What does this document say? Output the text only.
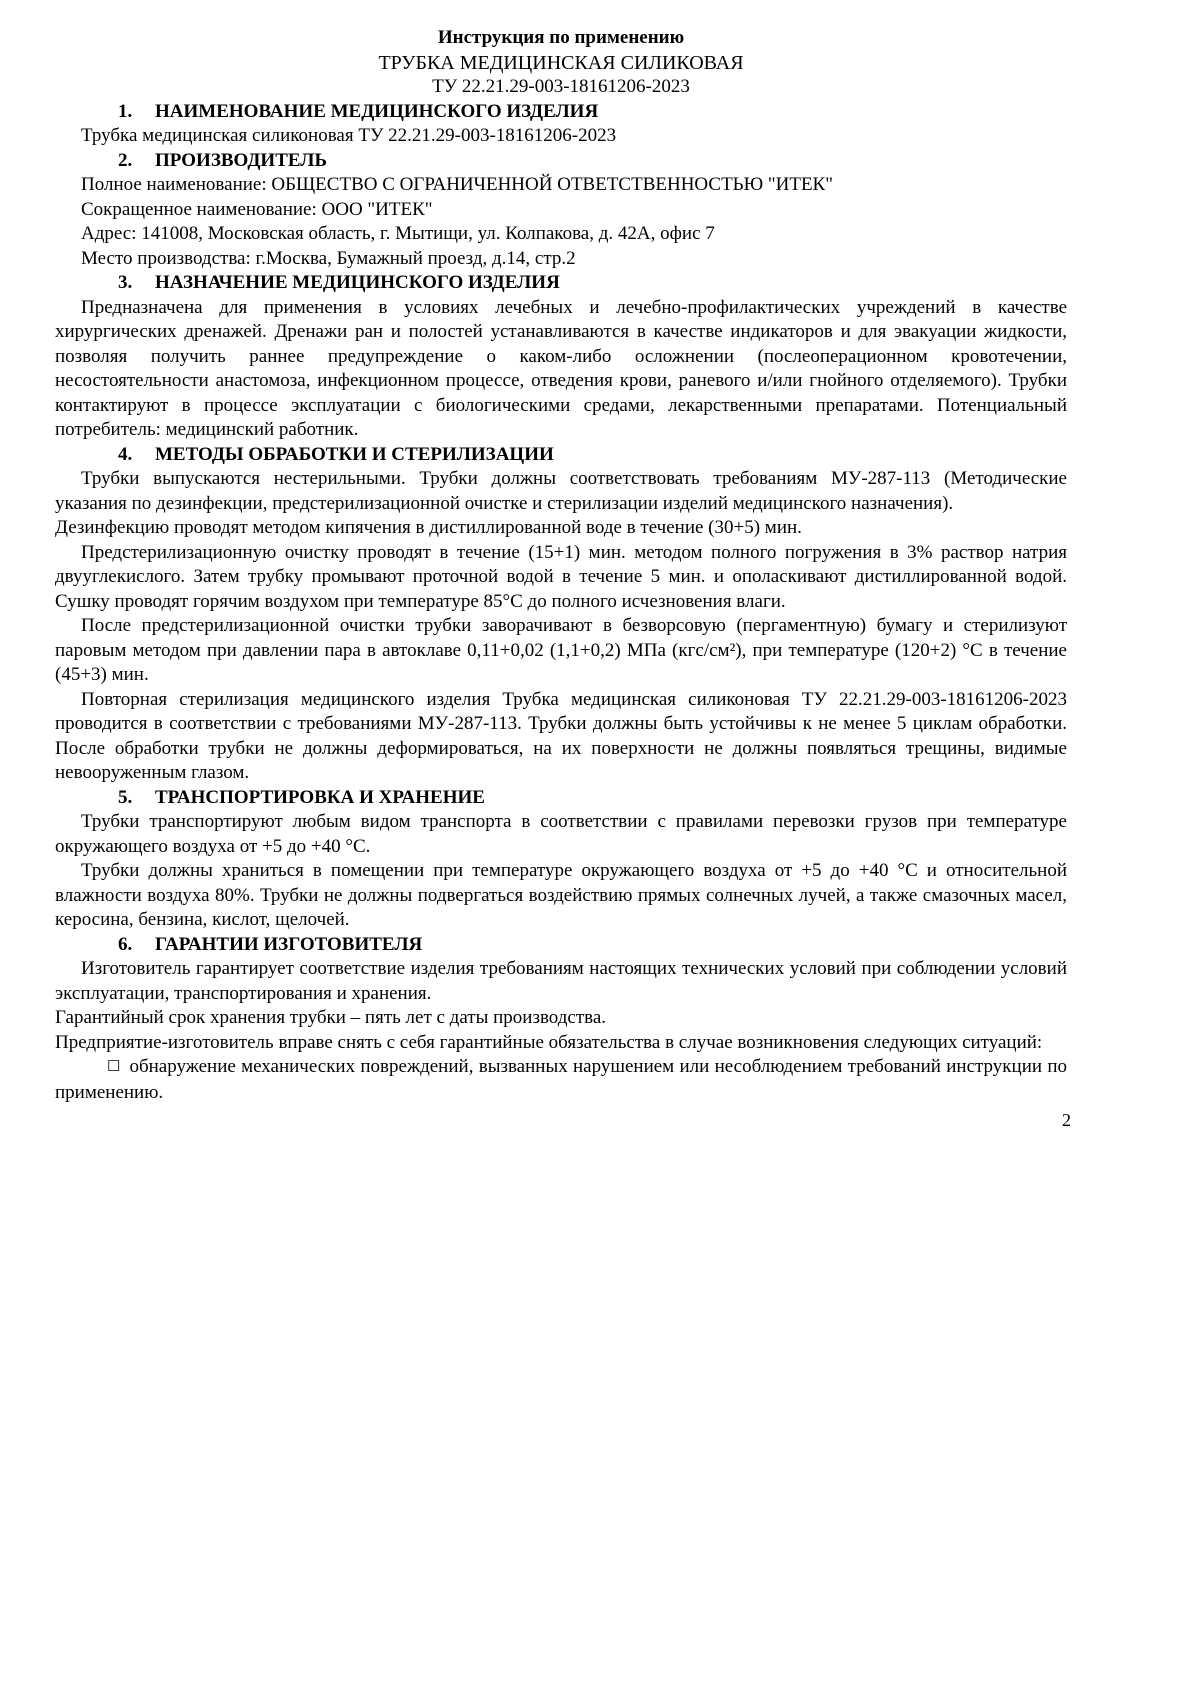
Инструкция по применению
ТРУБКА МЕДИЦИНСКАЯ СИЛИКОВАЯ
ТУ 22.21.29-003-18161206-2023
1. НАИМЕНОВАНИЕ МЕДИЦИНСКОГО ИЗДЕЛИЯ

Трубка медицинская силиконовая ТУ 22.21.29-003-18161206-2023

2. ПРОИЗВОДИТЕЛЬ

Полное наименование: ОБЩЕСТВО С ОГРАНИЧЕННОЙ ОТВЕТСТВЕННОСТЬЮ "ИТЕК"

Сокращенное наименование: ООО "ИТЕК"

Адрес: 141008, Московская область, г. Мытищи, ул. Колпакова, д. 42А, офис 7

Место производства: г.Москва, Бумажный проезд, д.14, стр.2

3. НАЗНАЧЕНИЕ МЕДИЦИНСКОГО ИЗДЕЛИЯ

Предназначена для применения в условиях лечебных и лечебно-профилактических учреждений в качестве хирургических дренажей. Дренажи ран и полостей устанавливаются в качестве индикаторов и для эвакуации жидкости, позволяя получить раннее предупреждение о каком-либо осложнении (послеоперационном кровотечении, несостоятельности анастомоза, инфекционном процессе, отведения крови, раневого и/или гнойного отделяемого). Трубки контактируют в процессе эксплуатации с биологическими средами, лекарственными препаратами. Потенциальный потребитель: медицинский работник.

4. МЕТОДЫ ОБРАБОТКИ И СТЕРИЛИЗАЦИИ

Трубки выпускаются нестерильными. Трубки должны соответствовать требованиям МУ-287-113 (Методические указания по дезинфекции, предстерилизационной очистке и стерилизации изделий медицинского назначения).

Дезинфекцию проводят методом кипячения в дистиллированной воде в течение (30+5) мин.

Предстерилизационную очистку проводят в течение (15+1) мин. методом полного погружения в 3% раствор натрия двууглекислого. Затем трубку промывают проточной водой в течение 5 мин. и ополаскивают дистиллированной водой. Сушку проводят горячим воздухом при температуре 85°С до полного исчезновения влаги.

После предстерилизационной очистки трубки заворачивают в безворсовую (пергаментную) бумагу и стерилизуют паровым методом при давлении пара в автоклаве 0,11+0,02 (1,1+0,2) МПа (кгс/см²), при температуре (120+2) °С в течение (45+3) мин.

Повторная стерилизация медицинского изделия Трубка медицинская силиконовая ТУ 22.21.29-003-18161206-2023 проводится в соответствии с требованиями МУ-287-113. Трубки должны быть устойчивы к не менее 5 циклам обработки. После обработки трубки не должны деформироваться, на их поверхности не должны появляться трещины, видимые невооруженным глазом.

5. ТРАНСПОРТИРОВКА И ХРАНЕНИЕ

Трубки транспортируют любым видом транспорта в соответствии с правилами перевозки грузов при температуре окружающего воздуха от +5 до +40 °С.

Трубки должны храниться в помещении при температуре окружающего воздуха от +5 до +40 °С и относительной влажности воздуха 80%. Трубки не должны подвергаться воздействию прямых солнечных лучей, а также смазочных масел, керосина, бензина, кислот, щелочей.

6. ГАРАНТИИ ИЗГОТОВИТЕЛЯ

Изготовитель гарантирует соответствие изделия требованиям настоящих технических условий при соблюдении условий эксплуатации, транспортирования и хранения.

Гарантийный срок хранения трубки – пять лет с даты производства.

Предприятие-изготовитель вправе снять с себя гарантийные обязательства в случае возникновения следующих ситуаций:

☐ обнаружение механических повреждений, вызванных нарушением или несоблюдением требований инструкции по применению.

2
